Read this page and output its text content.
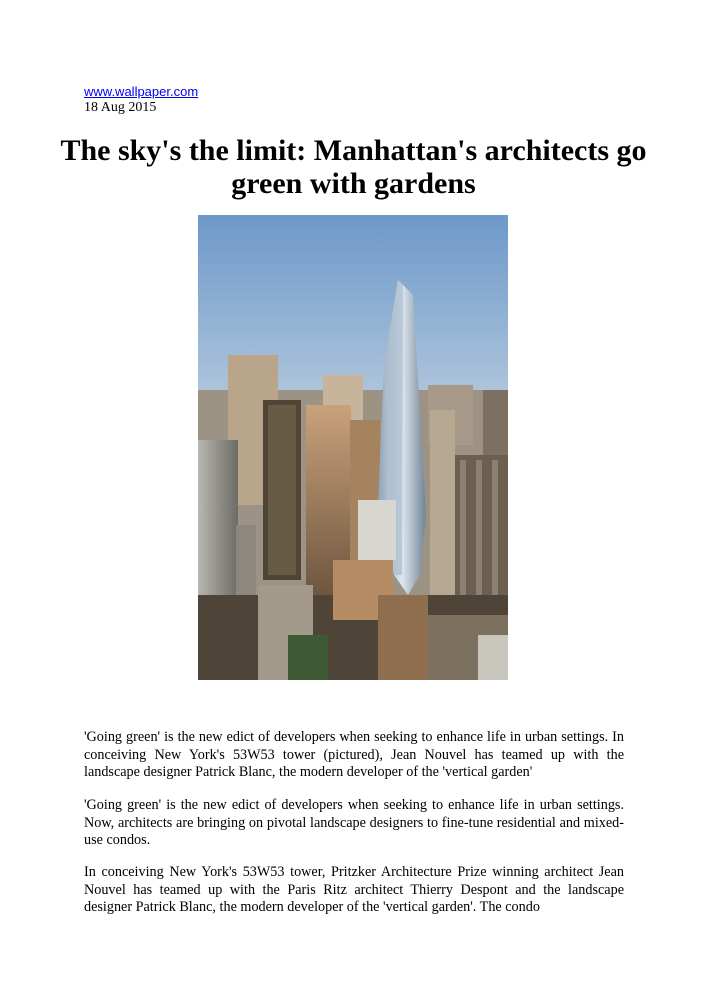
www.wallpaper.com
18 Aug 2015
The sky's the limit: Manhattan's architects go green with gardens

'Going green' is the new edict of developers when seeking to enhance life in urban settings. In conceiving New York's 53W53 tower (pictured), Jean Nouvel has teamed up with the landscape designer Patrick Blanc, the modern developer of the 'vertical garden'

'Going green' is the new edict of developers when seeking to enhance life in urban settings. Now, architects are bringing on pivotal landscape designers to fine-tune residential and mixed-use condos.

In conceiving New York's 53W53 tower, Pritzker Architecture Prize winning architect Jean Nouvel has teamed up with the Paris Ritz architect Thierry Despont and the landscape designer Patrick Blanc, the modern developer of the 'vertical garden'. The condo
